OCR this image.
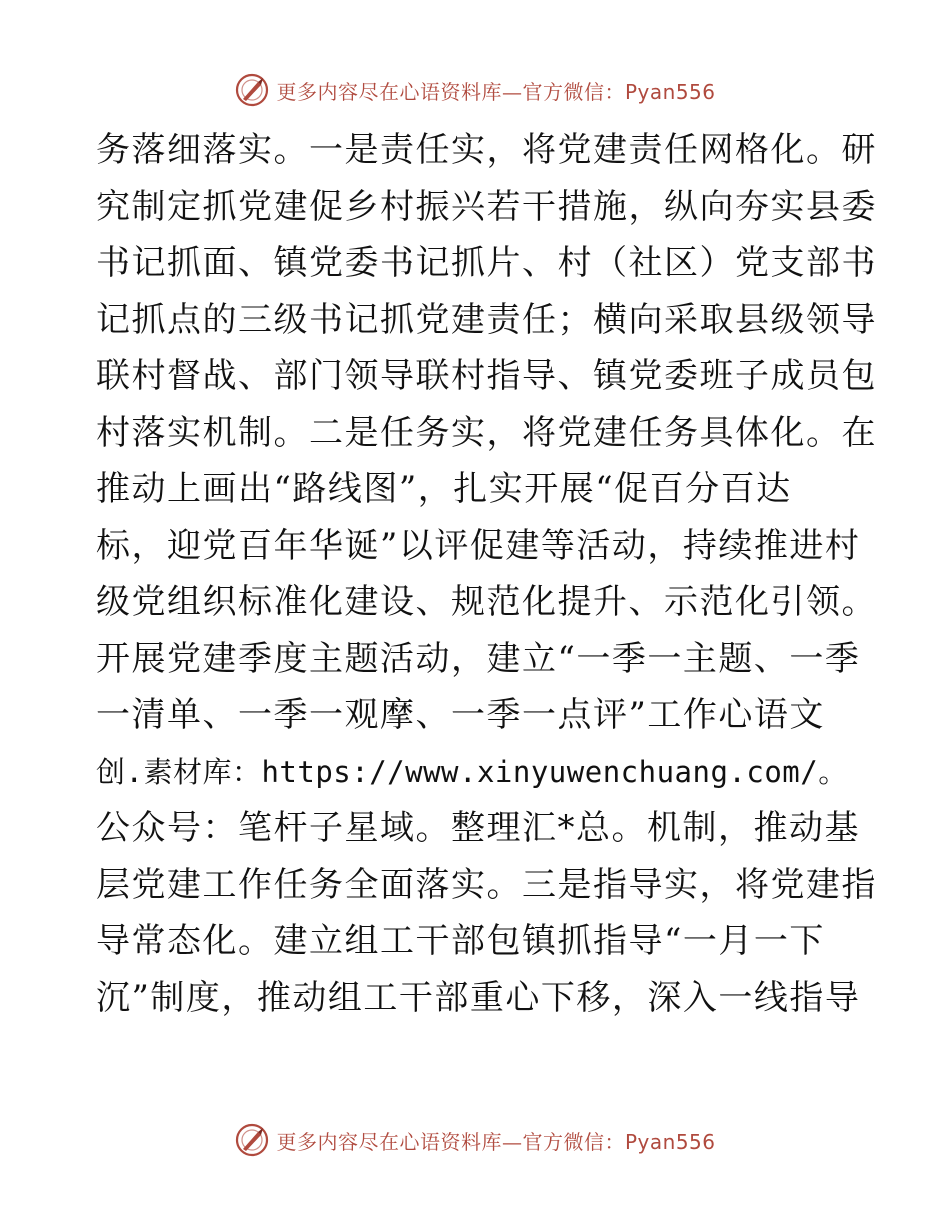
更多内容尽在心语资料库—官方微信：Pyan556
务落细落实。一是责任实，将党建责任网格化。研
究制定抓党建促乡村振兴若干措施，纵向夯实县委
书记抓面、镇党委书记抓片、村（社区）党支部书
记抓点的三级书记抓党建责任；横向采取县级领导
联村督战、部门领导联村指导、镇党委班子成员包
村落实机制。二是任务实，将党建任务具体化。在
推动上画出“路线图”，扎实开展“促百分百达
标，迎党百年华诞”以评促建等活动，持续推进村
级党组织标准化建设、规范化提升、示范化引领。
开展党建季度主题活动，建立“一季一主题、一季
一清单、一季一观摩、一季一点评”工作心语文
创.素材库：https://www.xinyuwenchuang.com/。
公众号：笔杆子星域。整理汇*总。机制，推动基
层党建工作任务全面落实。三是指导实，将党建指
导常态化。建立组工干部包镇抓指导“一月一下
沉”制度，推动组工干部重心下移，深入一线指导
更多内容尽在心语资料库—官方微信：Pyan556
